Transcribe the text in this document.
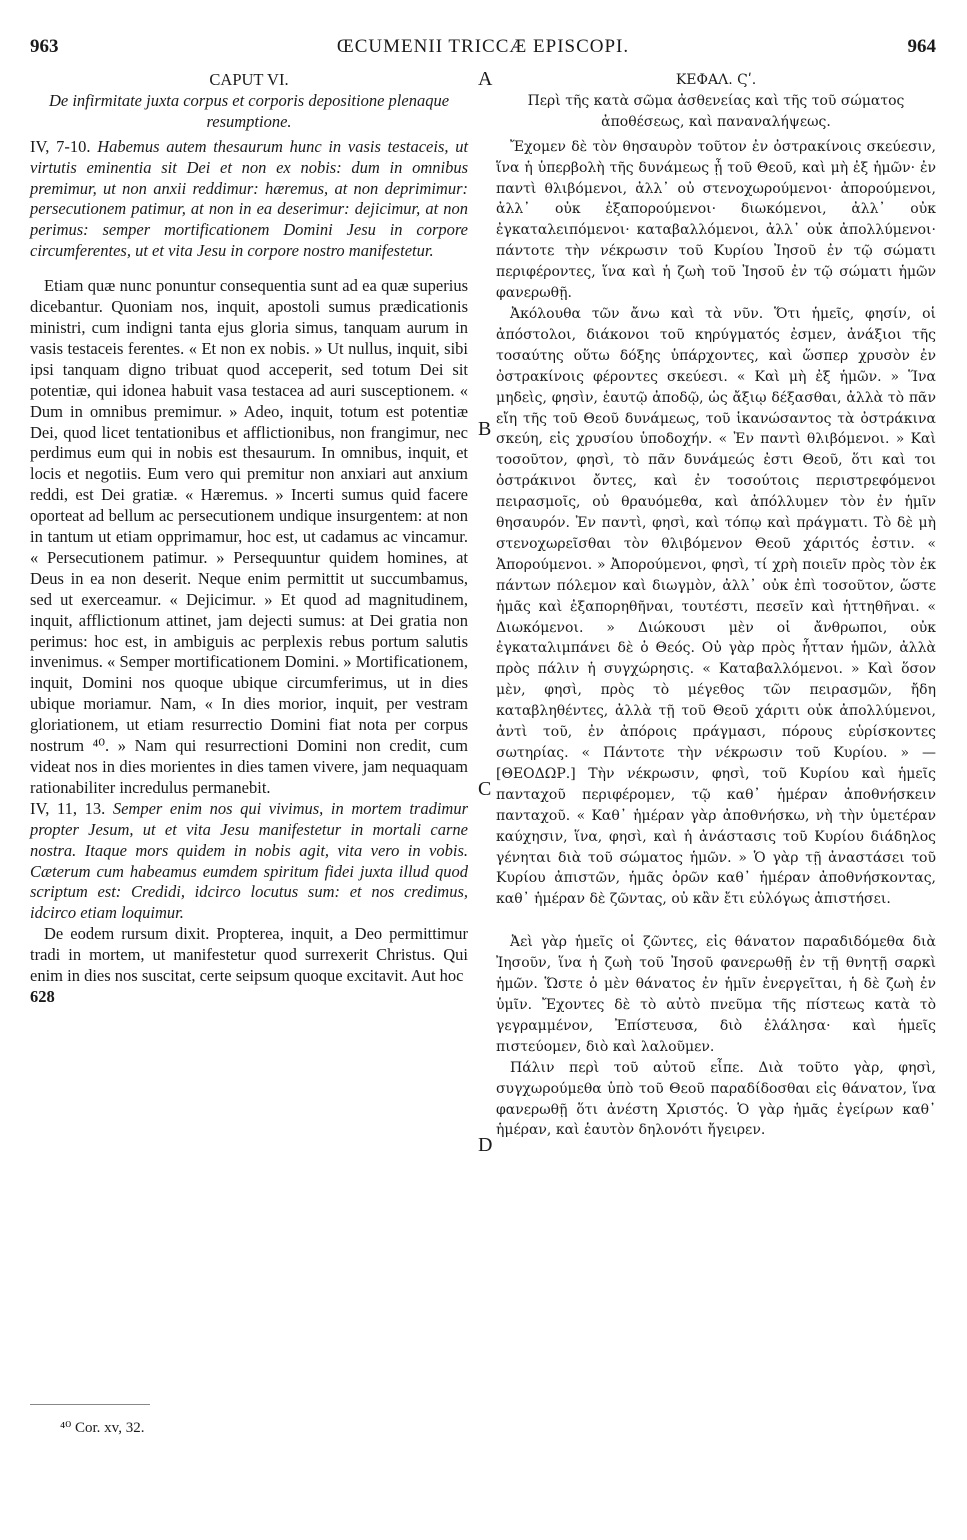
963	ŒCUMENII TRICCÆ EPISCOPI.	964
A
B
C
D
CAPUT VI.
De infirmitate juxta corpus et corporis depositione plenaque resumptione.

IV, 7-10. Habemus autem thesaurum hunc in vasis testaceis, ut virtutis eminentia sit Dei et non ex nobis: dum in omnibus premimur, ut non anxii reddimur: hæremus, at non deprimimur: persecutionem patimur, at non in ea deserimur: dejicimur, at non perimus: semper mortificationem Domini Jesu in corpore circumferentes, ut et vita Jesu in corpore nostro manifestetur.

Etiam quæ nunc ponuntur consequentia sunt ad ea quæ superius dicebantur. Quoniam nos, inquit, apostoli sumus prædicationis ministri, cum indigni tanta ejus gloria simus, tanquam aurum in vasis testaceis ferentes. « Et non ex nobis. » Ut nullus, inquit, sibi ipsi tanquam digno tribuat quod acceperit, sed totum Dei sit potentiæ, qui idonea habuit vasa testacea ad auri susceptionem. « Dum in omnibus premimur. » Adeo, inquit, totum est potentiæ Dei, quod licet tentationibus et afflictionibus, non frangimur, nec perdimus eum qui in nobis est thesaurum. In omnibus, inquit, et locis et negotiis. Eum vero qui premitur non anxiari aut anxium reddi, est Dei gratiæ. « Hæremus. » Incerti sumus quid facere oporteat ad bellum ac persecutionem undique insurgentem: at non in tantum ut etiam opprimamur, hoc est, ut cadamus ac vincamur. « Persecutionem patimur. » Persequuntur quidem homines, at Deus in ea non deserit. Neque enim permittit ut succumbamus, sed ut exerceamur. « Dejicimur. » Et quod ad magnitudinem, inquit, afflictionum attinet, jam dejecti sumus: at Dei gratia non perimus: hoc est, in ambiguis ac perplexis rebus portum salutis invenimus. « Semper mortificationem Domini. » Mortificationem, inquit, Domini nos quoque ubique circumferimus, ut in dies ubique moriamur. Nam, « In dies morior, inquit, per vestram gloriationem, ut etiam resurrectio Domini fiat nota per corpus nostrum ⁴⁰. » Nam qui resurrectioni Domini non credit, cum videat nos in dies morientes in dies tamen vivere, jam nequaquam rationabiliter incredulus permanebit.

IV, 11, 13. Semper enim nos qui vivimus, in mortem tradimur propter Jesum, ut et vita Jesu manifestetur in mortali carne nostra. Itaque mors quidem in nobis agit, vita vero in vobis. Cæterum cum habeamus eumdem spiritum fidei juxta illud quod scriptum est: Credidi, idcirco locutus sum: et nos credimus, idcirco etiam loquimur.

De eodem rursum dixit. Propterea, inquit, a Deo permittimur tradi in mortem, ut manifestetur quod surrexerit Christus. Qui enim in dies nos suscitat, certe seipsum quoque excitavit. Aut hoc

628
ΚΕΦΑΛ. Ϛʹ.
Περὶ τῆς κατὰ σῶμα ἀσθενείας καὶ τῆς τοῦ σώματος ἀποθέσεως, καὶ παναναλήψεως.

Ἔχομεν δὲ τὸν θησαυρὸν τοῦτον ἐν ὀστρακίνοις σκεύεσιν, ἵνα ἡ ὑπερβολὴ τῆς δυνάμεως ᾖ τοῦ Θεοῦ, καὶ μὴ ἐξ ἡμῶν· ἐν παντὶ θλιβόμενοι, ἀλλ᾽ οὐ στενοχωρούμενοι· ἀπορούμενοι, ἀλλ᾽ οὐκ ἐξαπορούμενοι· διωκόμενοι, ἀλλ᾽ οὐκ ἐγκαταλειπόμενοι· καταβαλλόμενοι, ἀλλ᾽ οὐκ ἀπολλύμενοι· πάντοτε τὴν νέκρωσιν τοῦ Κυρίου Ἰησοῦ ἐν τῷ σώματι περιφέροντες, ἵνα καὶ ἡ ζωὴ τοῦ Ἰησοῦ ἐν τῷ σώματι ἡμῶν φανερωθῇ.

Ἀκόλουθα τῶν ἄνω καὶ τὰ νῦν. Ὅτι ἡμεῖς, φησίν, οἱ ἀπόστολοι, διάκονοι τοῦ κηρύγματός ἐσμεν, ἀνάξιοι τῆς τοσαύτης οὕτω δόξης ὑπάρχοντες, καὶ ὥσπερ χρυσὸν ἐν ὀστρακίνοις φέροντες σκεύεσι. « Καὶ μὴ ἐξ ἡμῶν. » Ἵνα μηδεὶς, φησὶν, ἑαυτῷ ἀποδῷ, ὡς ἄξιῳ δέξασθαι, ἀλλὰ τὸ πᾶν εἴη τῆς τοῦ Θεοῦ δυνάμεως, τοῦ ἱκανώσαντος τὰ ὀστράκινα σκεύη, εἰς χρυσίου ὑποδοχήν. « Ἐν παντὶ θλιβόμενοι. » Καὶ τοσοῦτον, φησὶ, τὸ πᾶν δυνάμεώς ἐστι Θεοῦ, ὅτι καὶ τοι ὀστράκινοι ὄντες, καὶ ἐν τοσούτοις περιστρεφόμενοι πειρασμοῖς, οὐ θραυόμεθα, καὶ ἀπόλλυμεν τὸν ἐν ἡμῖν θησαυρόν. Ἐν παντὶ, φησὶ, καὶ τόπῳ καὶ πράγματι. Τὸ δὲ μὴ στενοχωρεῖσθαι τὸν θλιβόμενον Θεοῦ χάριτός ἐστιν. « Ἀπορούμενοι. » Ἀπορούμενοι, φησὶ, τί χρὴ ποιεῖν πρὸς τὸν ἐκ πάντων πόλεμον καὶ διωγμὸν, ἀλλ᾽ οὐκ ἐπὶ τοσοῦτον, ὥστε ἡμᾶς καὶ ἐξαπορηθῆναι, τουτέστι, πεσεῖν καὶ ἡττηθῆναι. « Διωκόμενοι. » Διώκουσι μὲν οἱ ἄνθρωποι, οὐκ ἐγκαταλιμπάνει δὲ ὁ Θεός. Οὐ γὰρ πρὸς ἧτταν ἡμῶν, ἀλλὰ πρὸς πάλιν ἡ συγχώρησις. « Καταβαλλόμενοι. » Καὶ ὅσον μὲν, φησὶ, πρὸς τὸ μέγεθος τῶν πειρασμῶν, ἤδη καταβληθέντες, ἀλλὰ τῇ τοῦ Θεοῦ χάριτι οὐκ ἀπολλύμενοι, ἀντὶ τοῦ, ἐν ἀπόροις πράγμασι, πόρους εὑρίσκοντες σωτηρίας. « Πάντοτε τὴν νέκρωσιν τοῦ Κυρίου. » — [ΘΕΟΔΩΡ.] Τὴν νέκρωσιν, φησὶ, τοῦ Κυρίου καὶ ἡμεῖς πανταχοῦ περιφέρομεν, τῷ καθ᾽ ἡμέραν ἀποθνήσκειν πανταχοῦ. « Καθ᾽ ἡμέραν γὰρ ἀποθνήσκω, νὴ τὴν ὑμετέραν καύχησιν, ἵνα, φησὶ, καὶ ἡ ἀνάστασις τοῦ Κυρίου διάδηλος γένηται διὰ τοῦ σώματος ἡμῶν. » Ὁ γὰρ τῇ ἀναστάσει τοῦ Κυρίου ἀπιστῶν, ἡμᾶς ὁρῶν καθ᾽ ἡμέραν ἀποθνήσκοντας, καθ᾽ ἡμέραν δὲ ζῶντας, οὐ κἂν ἔτι εὐλόγως ἀπιστήσει.

Ἀεὶ γὰρ ἡμεῖς οἱ ζῶντες, εἰς θάνατον παραδιδόμεθα διὰ Ἰησοῦν, ἵνα ἡ ζωὴ τοῦ Ἰησοῦ φανερωθῇ ἐν τῇ θνητῇ σαρκὶ ἡμῶν. Ὥστε ὁ μὲν θάνατος ἐν ἡμῖν ἐνεργεῖται, ἡ δὲ ζωὴ ἐν ὑμῖν. Ἔχοντες δὲ τὸ αὐτὸ πνεῦμα τῆς πίστεως κατὰ τὸ γεγραμμένον, Ἐπίστευσα, διὸ ἐλάλησα· καὶ ἡμεῖς πιστεύομεν, διὸ καὶ λαλοῦμεν.

Πάλιν περὶ τοῦ αὐτοῦ εἶπε. Διὰ τοῦτο γὰρ, φησὶ, συγχωρούμεθα ὑπὸ τοῦ Θεοῦ παραδίδοσθαι εἰς θάνατον, ἵνα φανερωθῇ ὅτι ἀνέστη Χριστός. Ὁ γὰρ ἡμᾶς ἐγείρων καθ᾽ ἡμέραν, καὶ ἑαυτὸν δηλονότι ἤγειρεν.

⁴⁰ Cor. xv, 32.
